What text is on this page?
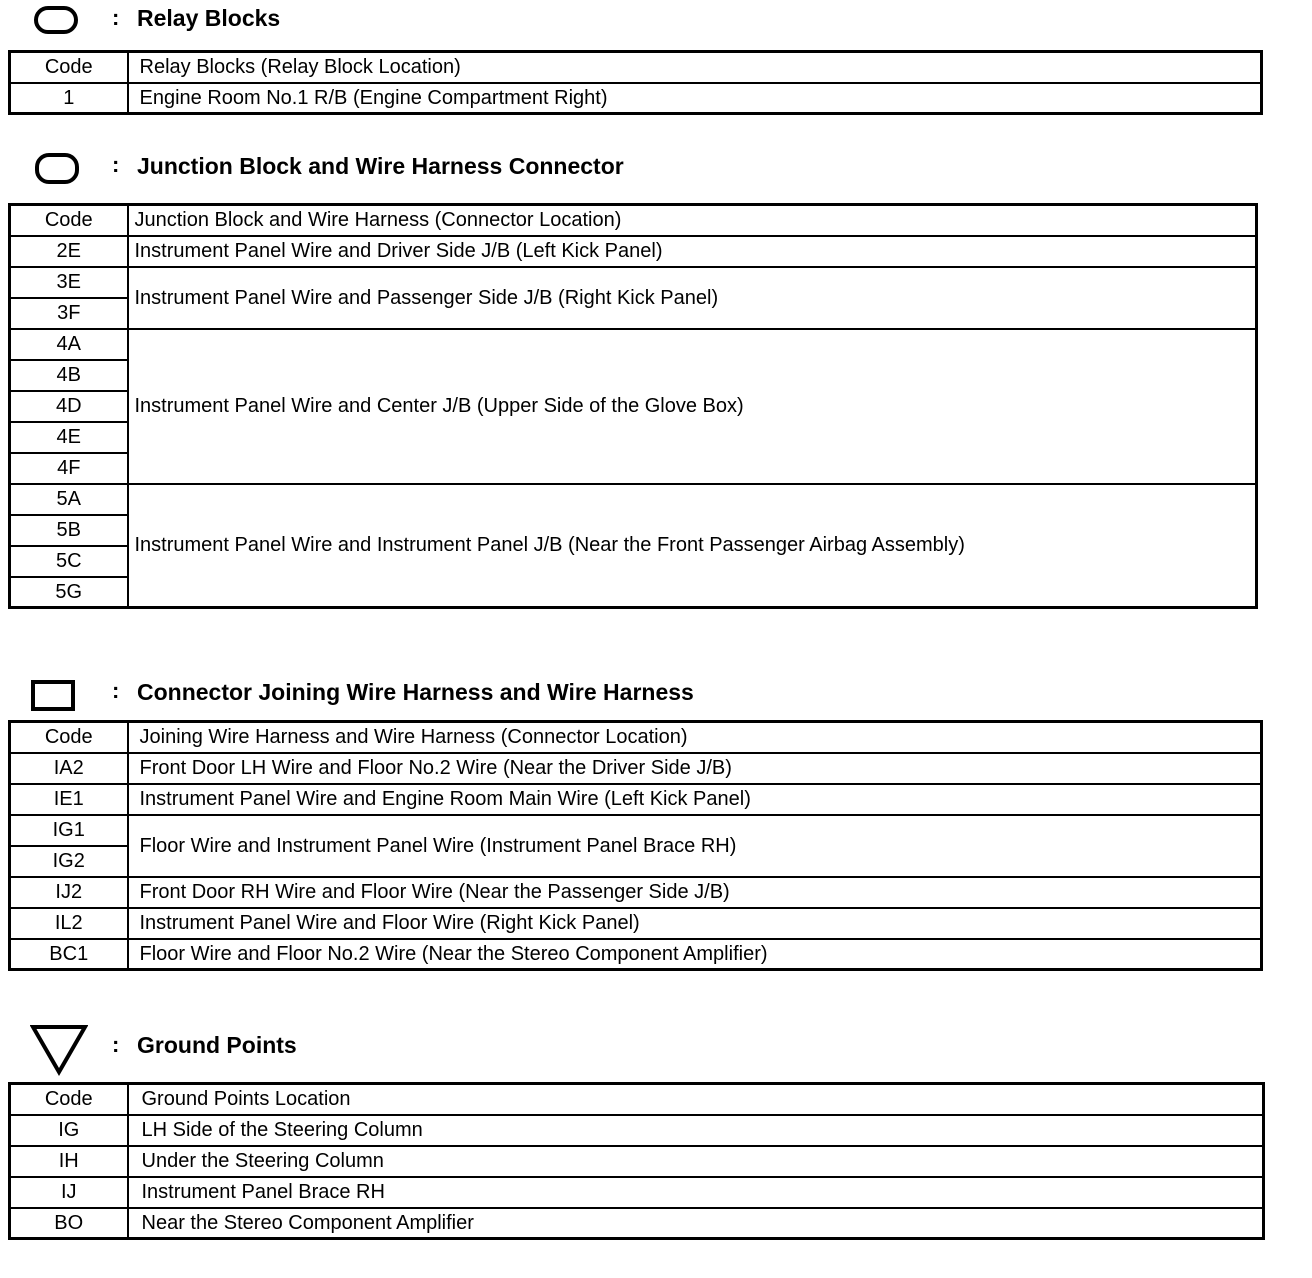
: Relay Blocks
Code	Relay Blocks (Relay Block Location)
1	Engine Room No.1 R/B (Engine Compartment Right)
: Junction Block and Wire Harness Connector
Code	Junction Block and Wire Harness (Connector Location)
2E	Instrument Panel Wire and Driver Side J/B (Left Kick Panel)
3E	Instrument Panel Wire and Passenger Side J/B (Right Kick Panel)
3F	
4A	Instrument Panel Wire and Center J/B (Upper Side of the Glove Box)
4B	
4D	
4E	
4F	
5A	Instrument Panel Wire and Instrument Panel J/B (Near the Front Passenger Airbag Assembly)
5B	
5C	
5G	
: Connector Joining Wire Harness and Wire Harness
Code	Joining Wire Harness and Wire Harness (Connector Location)
IA2	Front Door LH Wire and Floor No.2 Wire (Near the Driver Side J/B)
IE1	Instrument Panel Wire and Engine Room Main Wire (Left Kick Panel)
IG1	Floor Wire and Instrument Panel Wire (Instrument Panel Brace RH)
IG2	
IJ2	Front Door RH Wire and Floor Wire (Near the Passenger Side J/B)
IL2	Instrument Panel Wire and Floor Wire (Right Kick Panel)
BC1	Floor Wire and Floor No.2 Wire (Near the Stereo Component Amplifier)
: Ground Points
Code	Ground Points Location
IG	LH Side of the Steering Column
IH	Under the Steering Column
IJ	Instrument Panel Brace RH
BO	Near the Stereo Component Amplifier
